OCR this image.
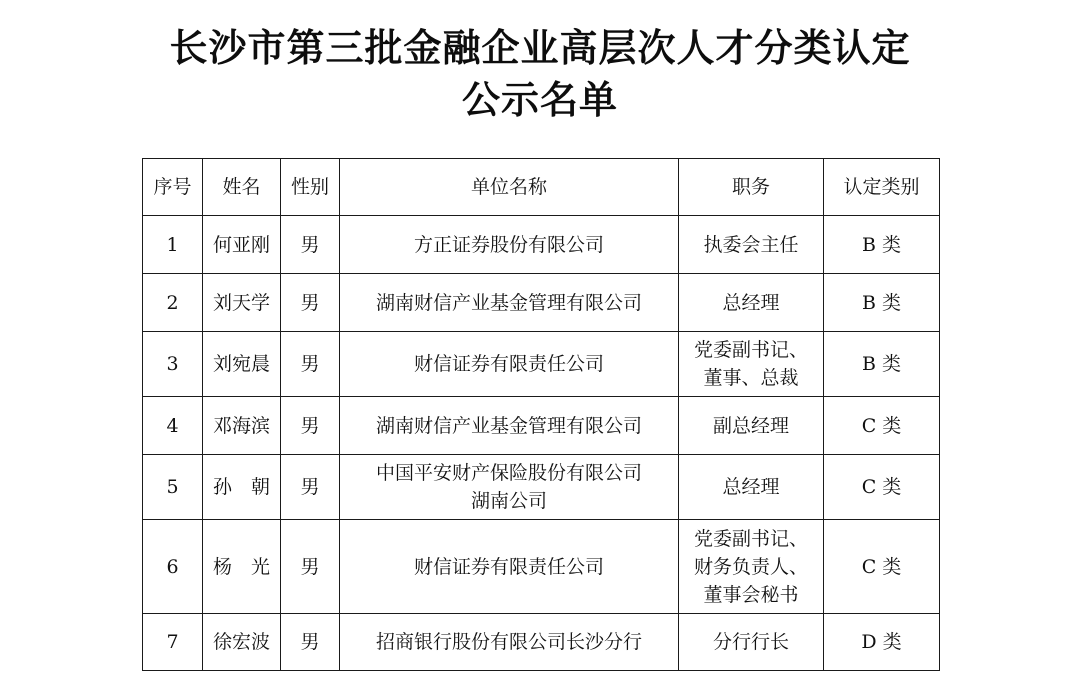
长沙市第三批金融企业高层次人才分类认定
公示名单
序号	姓名	性别	单位名称	职务	认定类别
1	何亚刚	男	方正证券股份有限公司	执委会主任	B 类
2	刘天学	男	湖南财信产业基金管理有限公司	总经理	B 类
3	刘宛晨	男	财信证券有限责任公司	党委副书记、
董事、总裁	B 类
4	邓海滨	男	湖南财信产业基金管理有限公司	副总经理	C 类
5	孙　朝	男	中国平安财产保险股份有限公司
湖南公司	总经理	C 类
6	杨　光	男	财信证券有限责任公司	党委副书记、
财务负责人、
董事会秘书	C 类
7	徐宏波	男	招商银行股份有限公司长沙分行	分行行长	D 类
